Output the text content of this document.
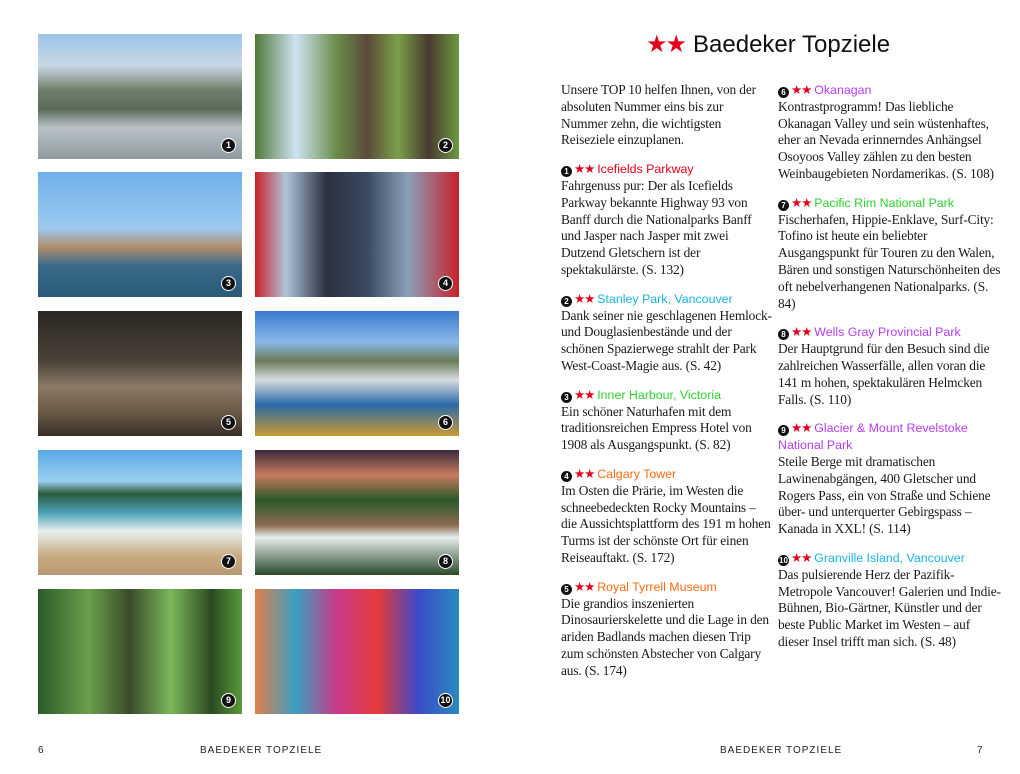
1	2
3	4
5	6
7	8
9	10
★★ Baedeker Topziele

Unsere TOP 10 helfen Ihnen, von der absoluten Nummer eins bis zur Nummer zehn, die wichtigsten Reiseziele einzuplanen.

1 ★★ Icefields Parkway
Fahrgenuss pur: Der als Icefields Parkway bekannte Highway 93 von Banff durch die Nationalparks Banff und Jasper nach Jasper mit zwei Dutzend Gletschern ist der spektakulärste. (S. 132)
2 ★★ Stanley Park, Vancouver
Dank seiner nie geschlagenen Hemlock- und Douglasienbestände und der schönen Spazierwege strahlt der Park West-Coast-Magie aus. (S. 42)
3 ★★ Inner Harbour, Victoria
Ein schöner Naturhafen mit dem traditionsreichen Empress Hotel von 1908 als Ausgangspunkt. (S. 82)
4 ★★ Calgary Tower
Im Osten die Prärie, im Westen die schneebedeckten Rocky Mountains – die Aussichtsplattform des 191 m hohen Turms ist der schönste Ort für einen Reiseauftakt. (S. 172)
5 ★★ Royal Tyrrell Museum
Die grandios inszenierten Dinosaurierskelette und die Lage in den ariden Badlands machen diesen Trip zum schönsten Abstecher von Calgary aus. (S. 174)
6 ★★ Okanagan
Kontrastprogramm! Das liebliche Okanagan Valley und sein wüstenhaftes, eher an Nevada erinnerndes Anhängsel Osoyoos Valley zählen zu den besten Weinbaugebieten Nordamerikas. (S. 108)
7 ★★ Pacific Rim National Park
Fischerhafen, Hippie-Enklave, Surf-City: Tofino ist heute ein beliebter Ausgangspunkt für Touren zu den Walen, Bären und sonstigen Naturschönheiten des oft nebelverhangenen Nationalparks. (S. 84)
8 ★★ Wells Gray Provincial Park
Der Hauptgrund für den Besuch sind die zahlreichen Wasserfälle, allen voran die 141 m hohen, spektakulären Helmcken Falls. (S. 110)
9 ★★ Glacier & Mount Revelstoke National Park
Steile Berge mit dramatischen Lawinenabgängen, 400 Gletscher und Rogers Pass, ein von Straße und Schiene über- und unterquerter Gebirgspass – Kanada in XXL! (S. 114)
10 ★★ Granville Island, Vancouver
Das pulsierende Herz der Pazifik-Metropole Vancouver! Galerien und Indie-Bühnen, Bio-Gärtner, Künstler und der beste Public Market im Westen – auf dieser Insel trifft man sich. (S. 48)
6	BAEDEKER TOPZIELE	BAEDEKER TOPZIELE	7
